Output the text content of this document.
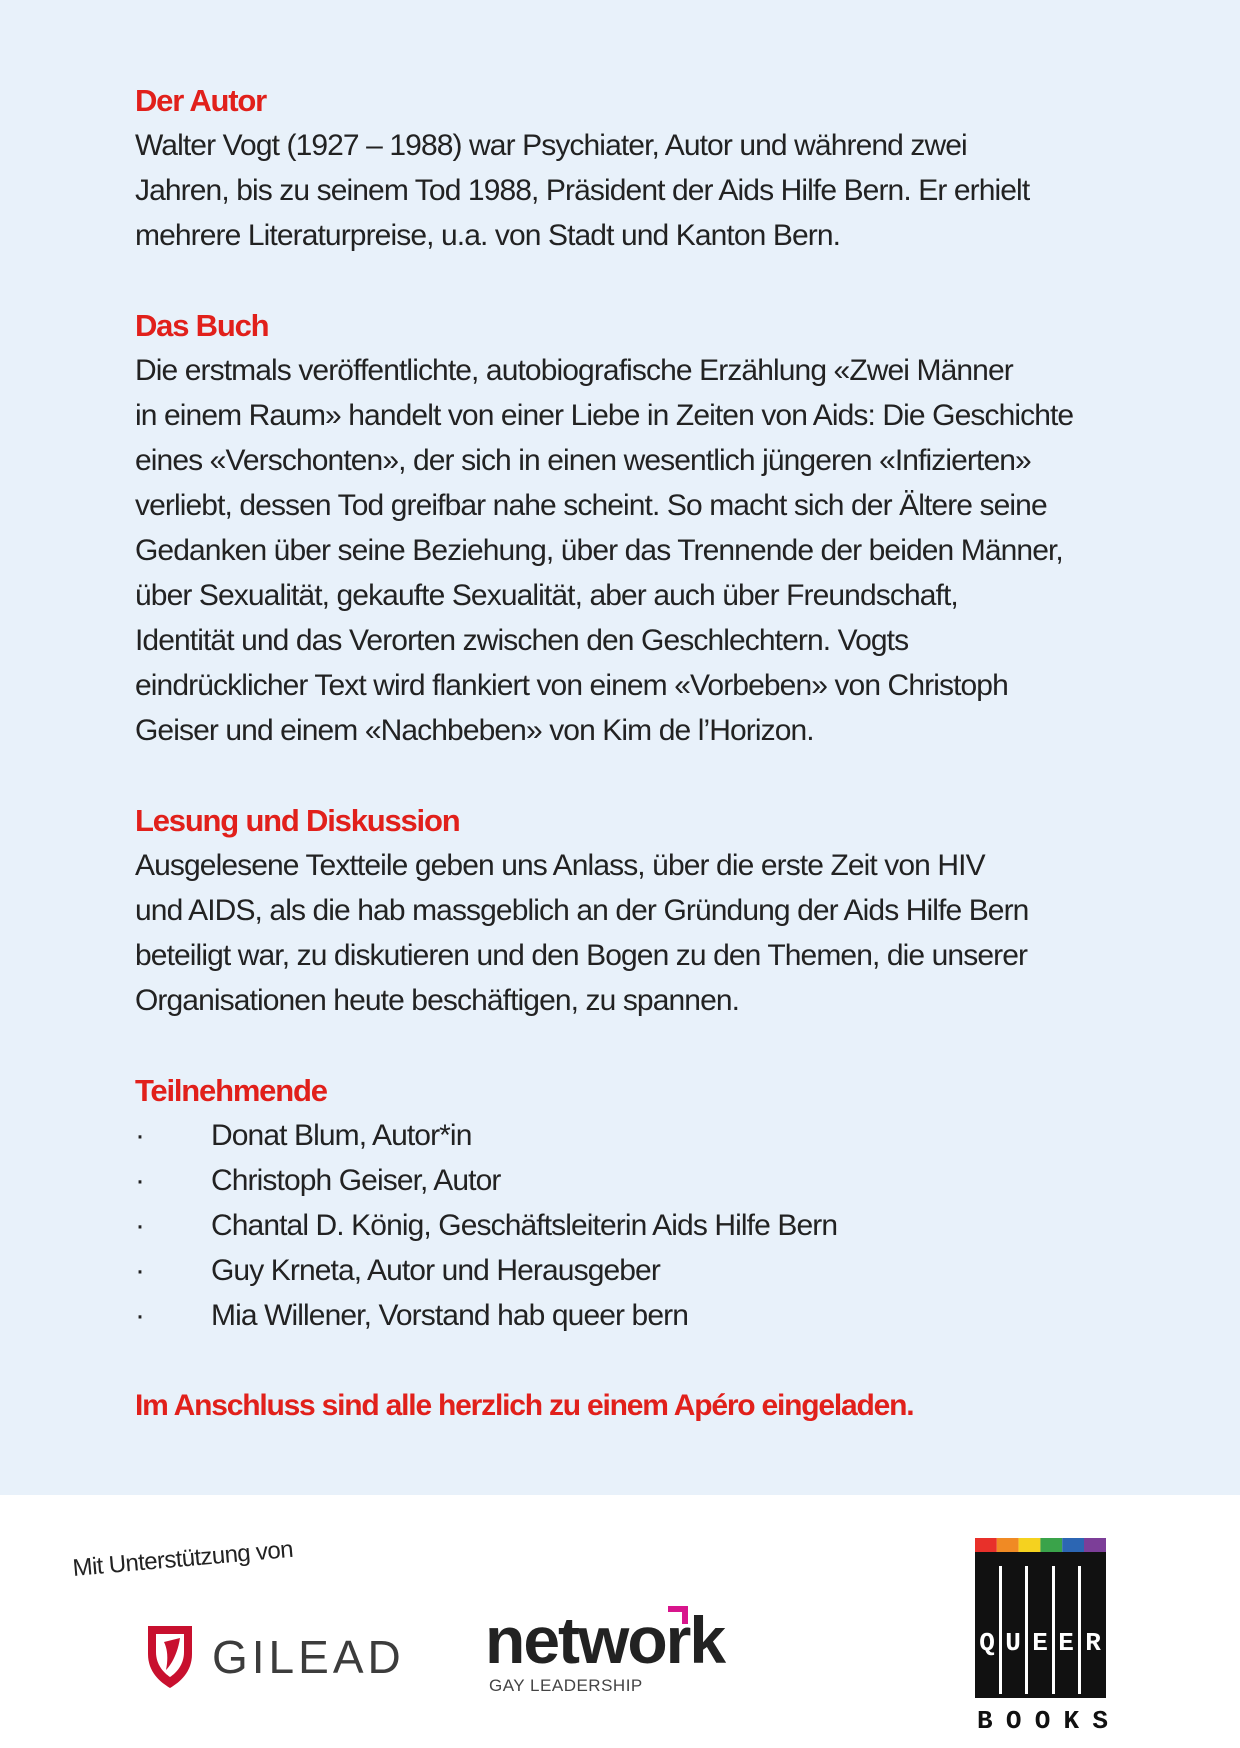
Der Autor

Walter Vogt (1927 – 1988) war Psychiater, Autor und während zwei

Jahren, bis zu seinem Tod 1988, Präsident der Aids Hilfe Bern. Er erhielt

mehrere Literaturpreise, u.a. von Stadt und Kanton Bern.

Das Buch

Die erstmals veröffentlichte, autobiografische Erzählung «Zwei Männer

in einem Raum» handelt von einer Liebe in Zeiten von Aids: Die Geschichte

eines «Verschonten», der sich in einen wesentlich jüngeren «Infizierten»

verliebt, dessen Tod greifbar nahe scheint. So macht sich der Ältere seine

Gedanken über seine Beziehung, über das Trennende der beiden Männer,

über Sexualität, gekaufte Sexualität, aber auch über Freundschaft,

Identität und das Verorten zwischen den Geschlechtern. Vogts

eindrücklicher Text wird flankiert von einem «Vorbeben» von Christoph

Geiser und einem «Nachbeben» von Kim de l’Horizon.

Lesung und Diskussion

Ausgelesene Textteile geben uns Anlass, über die erste Zeit von HIV

und AIDS, als die hab massgeblich an der Gründung der Aids Hilfe Bern

beteiligt war, zu diskutieren und den Bogen zu den Themen, die unserer

Organisationen heute beschäftigen, zu spannen.

Teilnehmende
·	Donat Blum, Autor*in
·	Christoph Geiser, Autor
·	Chantal D. König, Geschäftsleiterin Aids Hilfe Bern
·	Guy Krneta, Autor und Herausgeber
·	Mia Willener, Vorstand hab queer bern

Im Anschluss sind alle herzlich zu einem Apéro eingeladen.

Mit Unterstützung von
GILEAD network
GAY LEADERSHIP
Q U E E R
B O O K S
